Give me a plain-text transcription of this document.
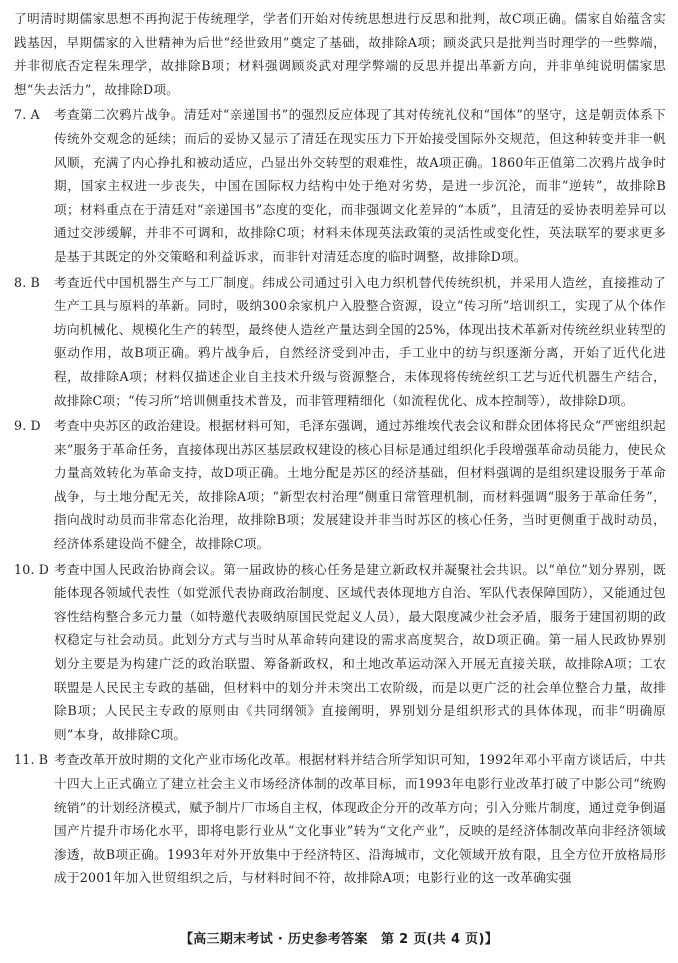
了明清时期儒家思想不再拘泥于传统理学，学者们开始对传统思想进行反思和批判，故C项正确。儒家自始蕴含实践基因，早期儒家的入世精神为后世“经世致用”奠定了基础，故排除A项；顾炎武只是批判当时理学的一些弊端，并非彻底否定程朱理学，故排除B项；材料强调顾炎武对理学弊端的反思并提出革新方向，并非单纯说明儒家思想“失去活力”，故排除D项。
7. A	考查第二次鸦片战争。清廷对“亲递国书”的强烈反应体现了其对传统礼仪和“国体”的坚守，这是朝贡体系下传统外交观念的延续；而后的妥协又显示了清廷在现实压力下开始接受国际外交规范，但这种转变并非一帆风顺，充满了内心挣扎和被动适应，凸显出外交转型的艰难性，故A项正确。1860年正值第二次鸦片战争时期，国家主权进一步丧失，中国在国际权力结构中处于绝对劣势，是进一步沉沦，而非“逆转”，故排除B项；材料重点在于清廷对“亲递国书”态度的变化，而非强调文化差异的“本质”，且清廷的妥协表明差异可以通过交涉缓解，并非不可调和，故排除C项；材料未体现英法政策的灵活性或变化性，英法联军的要求更多是基于其既定的外交策略和利益诉求，而非针对清廷态度的临时调整，故排除D项。
8. B	考查近代中国机器生产与工厂制度。纬成公司通过引入电力织机替代传统织机，并采用人造丝，直接推动了生产工具与原料的革新。同时，吸纳300余家机户入股整合资源，设立“传习所”培训织工，实现了从个体作坊向机械化、规模化生产的转型，最终使人造丝产量达到全国的25%，体现出技术革新对传统丝织业转型的驱动作用，故B项正确。鸦片战争后，自然经济受到冲击，手工业中的纺与织逐渐分离，开始了近代化进程，故排除A项；材料仅描述企业自主技术升级与资源整合，未体现将传统丝织工艺与近代机器生产结合，故排除C项；“传习所”培训侧重技术普及，而非管理精细化（如流程优化、成本控制等），故排除D项。
9. D	考查中央苏区的政治建设。根据材料可知，毛泽东强调，通过苏维埃代表会议和群众团体将民众“严密组织起来”服务于革命任务，直接体现出苏区基层政权建设的核心目标是通过组织化手段增强革命动员能力，使民众力量高效转化为革命支持，故D项正确。土地分配是苏区的经济基础，但材料强调的是组织建设服务于革命战争，与土地分配无关，故排除A项；“新型农村治理”侧重日常管理机制，而材料强调“服务于革命任务”，指向战时动员而非常态化治理，故排除B项；发展建设并非当时苏区的核心任务，当时更侧重于战时动员，经济体系建设尚不健全，故排除C项。
10. D 考查中国人民政治协商会议。第一届政协的核心任务是建立新政权并凝聚社会共识。以“单位”划分界别，既能体现各领域代表性（如党派代表协商政治制度、区域代表体现地方自治、军队代表保障国防），又能通过包容性结构整合多元力量（如特邀代表吸纳原国民党起义人员），最大限度减少社会矛盾，服务于建国初期的政权稳定与社会动员。此划分方式与当时从革命转向建设的需求高度契合，故D项正确。第一届人民政协界别划分主要是为构建广泛的政治联盟、筹备新政权，和土地改革运动深入开展无直接关联，故排除A项；工农联盟是人民民主专政的基础，但材料中的划分并未突出工农阶级，而是以更广泛的社会单位整合力量，故排除B项；人民民主专政的原则由《共同纲领》直接阐明，界别划分是组织形式的具体体现，而非“明确原则”本身，故排除C项。
11. B 考查改革开放时期的文化产业市场化改革。根据材料并结合所学知识可知，1992年邓小平南方谈话后，中共十四大上正式确立了建立社会主义市场经济体制的改革目标，而1993年电影行业改革打破了中影公司“统购统销”的计划经济模式，赋予制片厂市场自主权，体现政企分开的改革方向；引入分账片制度，通过竞争倒逼国产片提升市场化水平，即将电影行业从“文化事业”转为“文化产业”，反映的是经济体制改革向非经济领域渗透，故B项正确。1993年对外开放集中于经济特区、沿海城市，文化领域开放有限，且全方位开放格局形成于2001年加入世贸组织之后，与材料时间不符，故排除A项；电影行业的这一改革确实强
【高三期末考试 · 历史参考答案　第 2 页(共 4 页)】
